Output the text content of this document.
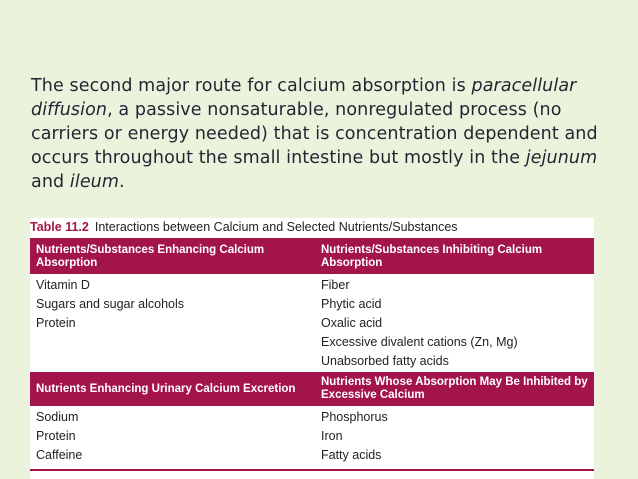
The second major route for calcium absorption is paracellular diffusion, a passive nonsaturable, nonregulated process (no carriers or energy needed) that is concentration dependent and occurs throughout the small intestine but mostly in the jejunum and ileum.
Table 11.2 Interactions between Calcium and Selected Nutrients/Substances
Nutrients/Substances Enhancing Calcium Absorption
Nutrients/Substances Inhibiting Calcium Absorption
Vitamin D
Sugars and sugar alcohols
Protein
Fiber
Phytic acid
Oxalic acid
Excessive divalent cations (Zn, Mg)
Unabsorbed fatty acids
Nutrients Enhancing Urinary Calcium Excretion
Nutrients Whose Absorption May Be Inhibited by Excessive Calcium
Sodium
Protein
Caffeine
Phosphorus
Iron
Fatty acids
